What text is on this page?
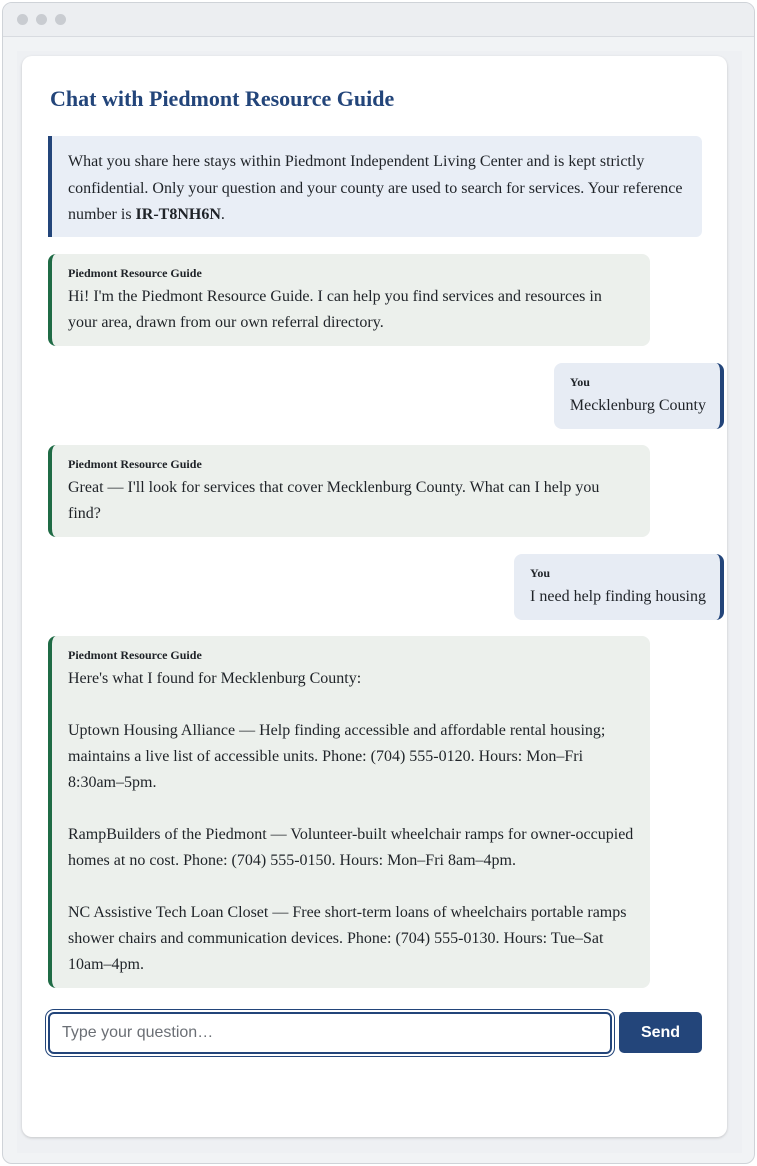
Chat with Piedmont Resource Guide
What you share here stays within Piedmont Independent Living Center and is kept strictly confidential. Only your question and your county are used to search for services. Your reference number is IR-T8NH6N.
Piedmont Resource Guide
Hi! I'm the Piedmont Resource Guide. I can help you find services and resources in your area, drawn from our own referral directory.
You
Mecklenburg County
Piedmont Resource Guide
Great — I'll look for services that cover Mecklenburg County. What can I help you find?
You
I need help finding housing
Piedmont Resource Guide
Here's what I found for Mecklenburg County:

Uptown Housing Alliance — Help finding accessible and affordable rental housing; maintains a live list of accessible units. Phone: (704) 555-0120. Hours: Mon–Fri 8:30am–5pm.

RampBuilders of the Piedmont — Volunteer-built wheelchair ramps for owner-occupied homes at no cost. Phone: (704) 555-0150. Hours: Mon–Fri 8am–4pm.

NC Assistive Tech Loan Closet — Free short-term loans of wheelchairs portable ramps shower chairs and communication devices. Phone: (704) 555-0130. Hours: Tue–Sat 10am–4pm.
Type your question…
Send
